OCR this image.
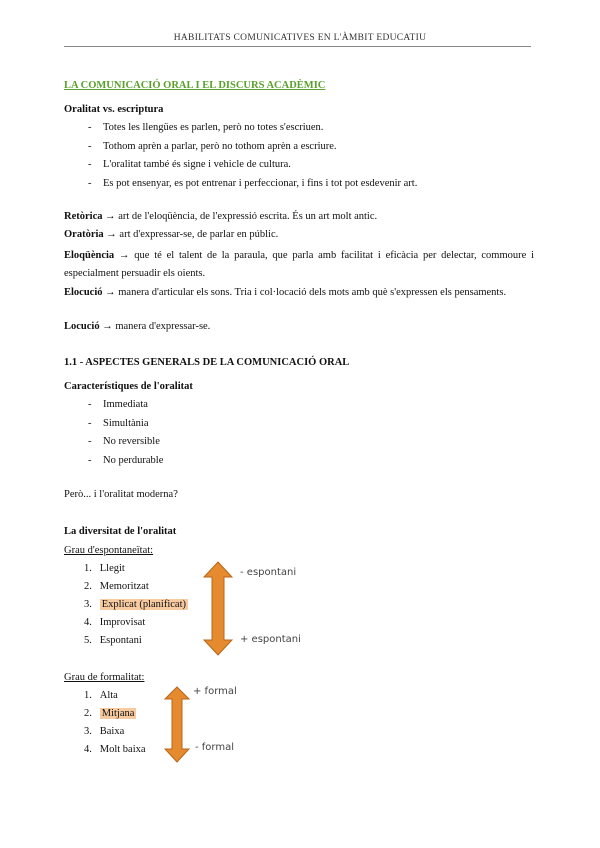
HABILITATS COMUNICATIVES EN L'ÀMBIT EDUCATIU
LA COMUNICACIÓ ORAL I EL DISCURS ACADÈMIC
Oralitat vs. escriptura
- Totes les llengües es parlen, però no totes s'escriuen.
- Tothom aprèn a parlar, però no tothom aprèn a escriure.
- L'oralitat també és signe i vehicle de cultura.
- Es pot ensenyar, es pot entrenar i perfeccionar, i fins i tot pot esdevenir art.
Retòrica → art de l'eloqüència, de l'expressió escrita. És un art molt antic.
Oratòria → art d'expressar-se, de parlar en públic.
Eloqüència → que té el talent de la paraula, que parla amb facilitat i eficàcia per delectar, commoure i especialment persuadir els oients.
Elocució → manera d'articular els sons. Tria i col·locació dels mots amb què s'expressen els pensaments.
Locució → manera d'expressar-se.
1.1 - ASPECTES GENERALS DE LA COMUNICACIÓ ORAL
Característiques de l'oralitat
- Immediata
- Simultània
- No reversible
- No perdurable
Però... i l'oralitat moderna?
La diversitat de l'oralitat
Grau d'espontaneïtat:
1.   Llegit
2.   Memoritzat
3.   Explicat (planificat)
4.   Improvisat
5.   Espontani
- espontani
+ espontani
Grau de formalitat:
1.   Alta
2.   Mitjana
3.   Baixa
4.   Molt baixa
+ formal
- formal
